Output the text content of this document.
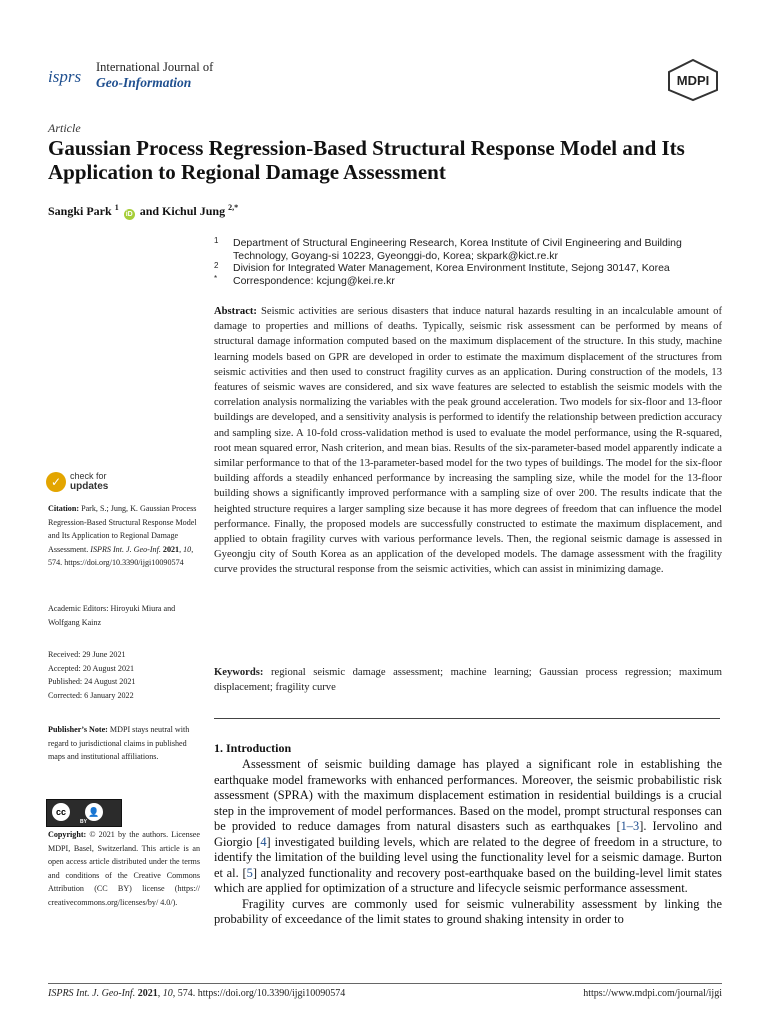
isprs International Journal of
Geo-Information	MDPI
Article
Gaussian Process Regression-Based Structural Response Model and Its Application to Regional Damage Assessment
Sangki Park $^1$ iD and Kichul Jung $^{2,*}$
1 Department of Structural Engineering Research, Korea Institute of Civil Engineering and Building Technology, Goyang-si 10223, Gyeonggi-do, Korea; skpark@kict.re.kr
2 Division for Integrated Water Management, Korea Environment Institute, Sejong 30147, Korea
* Correspondence: kcjung@kei.re.kr
Abstract: Seismic activities are serious disasters that induce natural hazards resulting in an incalculable amount of damage to properties and millions of deaths. Typically, seismic risk assessment can be performed by means of structural damage information computed based on the maximum displacement of the structure. In this study, machine learning models based on GPR are developed in order to estimate the maximum displacement of the structures from seismic activities and then used to construct fragility curves as an application. During construction of the models, 13 features of seismic waves are considered, and six wave features are selected to establish the seismic models with the correlation analysis normalizing the variables with the peak ground acceleration. Two models for six-floor and 13-floor buildings are developed, and a sensitivity analysis is performed to identify the relationship between prediction accuracy and sampling size. A 10-fold cross-validation method is used to evaluate the model performance, using the R-squared, root mean squared error, Nash criterion, and mean bias. Results of the six-parameter-based model apparently indicate a similar performance to that of the 13-parameter-based model for the two types of buildings. The model for the six-floor building affords a steadily enhanced performance by increasing the sampling size, while the model for the 13-floor building shows a significantly improved performance with a sampling size of over 200. The results indicate that the heighted structure requires a larger sampling size because it has more degrees of freedom that can influence the model performance. Finally, the proposed models are successfully constructed to estimate the maximum displacement, and applied to obtain fragility curves with various performance levels. Then, the regional seismic damage is assessed in Gyeongju city of South Korea as an application of the developed models. The damage assessment with the fragility curve provides the structural response from the seismic activities, which can assist in minimizing damage.
Keywords: regional seismic damage assessment; machine learning; Gaussian process regression; maximum displacement; fragility curve
1. Introduction

Assessment of seismic building damage has played a significant role in establishing the earthquake model frameworks with enhanced performances. Moreover, the seismic probabilistic risk assessment (SPRA) with the maximum displacement estimation in residential buildings is a crucial step in the improvement of model performances. Based on the model, prompt structural responses can be provided to reduce damages from natural disasters such as earthquakes [1–3]. Iervolino and Giorgio [4] investigated building levels, which are related to the degree of freedom in a structure, to identify the limitation of the building level using the functionality level for a seismic damage. Burton et al. [5] analyzed functionality and recovery post-earthquake based on the building-level limit states which are applied for optimization of a structure and lifecycle seismic performance assessment.

Fragility curves are commonly used for seismic vulnerability assessment by linking the probability of exceedance of the limit states to ground shaking intensity in order to

✓ check for
updates
Citation: Park, S.; Jung, K. Gaussian Process Regression-Based Structural Response Model and Its Application to Regional Damage Assessment. ISPRS Int. J. Geo-Inf. 2021, 10, 574. https://doi.org/10.3390/ijgi10090574
Academic Editors: Hiroyuki Miura and Wolfgang Kainz
Received: 29 June 2021
Accepted: 20 August 2021
Published: 24 August 2021
Corrected: 6 January 2022
Publisher’s Note: MDPI stays neutral with regard to jurisdictional claims in published maps and institutional affiliations.
cc	👤
BY
Copyright: © 2021 by the authors. Licensee MDPI, Basel, Switzerland. This article is an open access article distributed under the terms and conditions of the Creative Commons Attribution (CC BY) license (https:// creativecommons.org/licenses/by/ 4.0/).
ISPRS Int. J. Geo-Inf. 2021, 10, 574. https://doi.org/10.3390/ijgi10090574	https://www.mdpi.com/journal/ijgi
